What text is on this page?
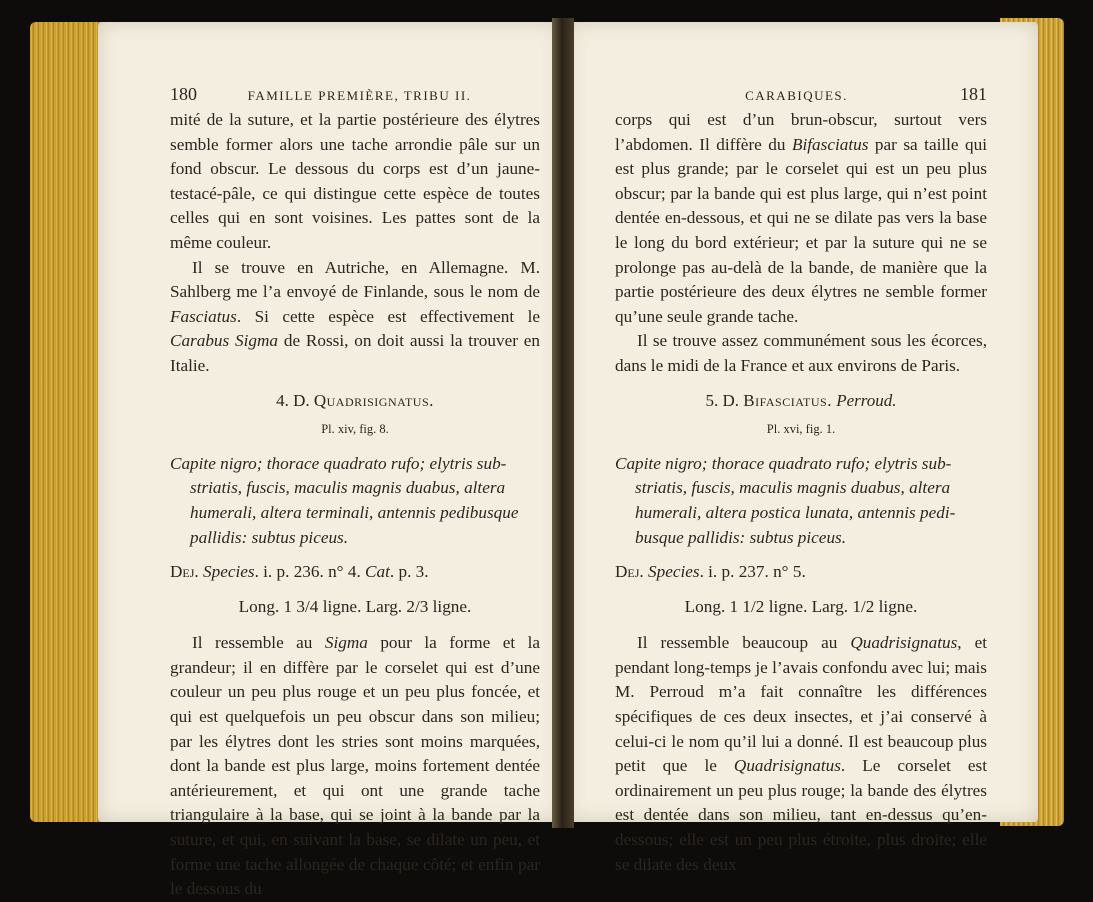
180	FAMILLE PREMIÈRE, TRIBU II.

mité de la suture, et la partie postérieure des élytres semble former alors une tache arrondie pâle sur un fond obscur. Le dessous du corps est d’un jaune-testacé-pâle, ce qui distingue cette espèce de toutes celles qui en sont voisines. Les pattes sont de la même couleur.

Il se trouve en Autriche, en Allemagne. M. Sahlberg me l’a envoyé de Finlande, sous le nom de Fasciatus. Si cette espèce est effectivement le Carabus Sigma de Rossi, on doit aussi la trouver en Italie.

4. D. Quadrisignatus.
Pl. xiv, fig. 8.
Capite nigro; thorace quadrato rufo; elytris sub-
striatis, fuscis, maculis magnis duabus, altera
humerali, altera terminali, antennis pedibusque
pallidis: subtus piceus.
Dej. Species. i. p. 236. n° 4. Cat. p. 3.
Long. 1 3/4 ligne. Larg. 2/3 ligne.

Il ressemble au Sigma pour la forme et la grandeur; il en diffère par le corselet qui est d’une couleur un peu plus rouge et un peu plus foncée, et qui est quelquefois un peu obscur dans son milieu; par les élytres dont les stries sont moins marquées, dont la bande est plus large, moins fortement dentée antérieurement, et qui ont une grande tache triangulaire à la base, qui se joint à la bande par la suture, et qui, en suivant la base, se dilate un peu, et forme une tache allongée de chaque côté; et enfin par le dessous du

CARABIQUES.	181

corps qui est d’un brun-obscur, surtout vers l’abdomen. Il diffère du Bifasciatus par sa taille qui est plus grande; par le corselet qui est un peu plus obscur; par la bande qui est plus large, qui n’est point dentée en-dessous, et qui ne se dilate pas vers la base le long du bord extérieur; et par la suture qui ne se prolonge pas au-delà de la bande, de manière que la partie postérieure des deux élytres ne semble former qu’une seule grande tache.

Il se trouve assez communément sous les écorces, dans le midi de la France et aux environs de Paris.

5. D. Bifasciatus. Perroud.
Pl. xvi, fig. 1.
Capite nigro; thorace quadrato rufo; elytris sub-
striatis, fuscis, maculis magnis duabus, altera
humerali, altera postica lunata, antennis pedi-
busque pallidis: subtus piceus.
Dej. Species. i. p. 237. n° 5.
Long. 1 1/2 ligne. Larg. 1/2 ligne.

Il ressemble beaucoup au Quadrisignatus, et pendant long-temps je l’avais confondu avec lui; mais M. Perroud m’a fait connaître les différences spécifiques de ces deux insectes, et j’ai conservé à celui-ci le nom qu’il lui a donné. Il est beaucoup plus petit que le Quadrisignatus. Le corselet est ordinairement un peu plus rouge; la bande des élytres est dentée dans son milieu, tant en-dessus qu’en-dessous; elle est un peu plus étroite, plus droite; elle se dilate des deux
